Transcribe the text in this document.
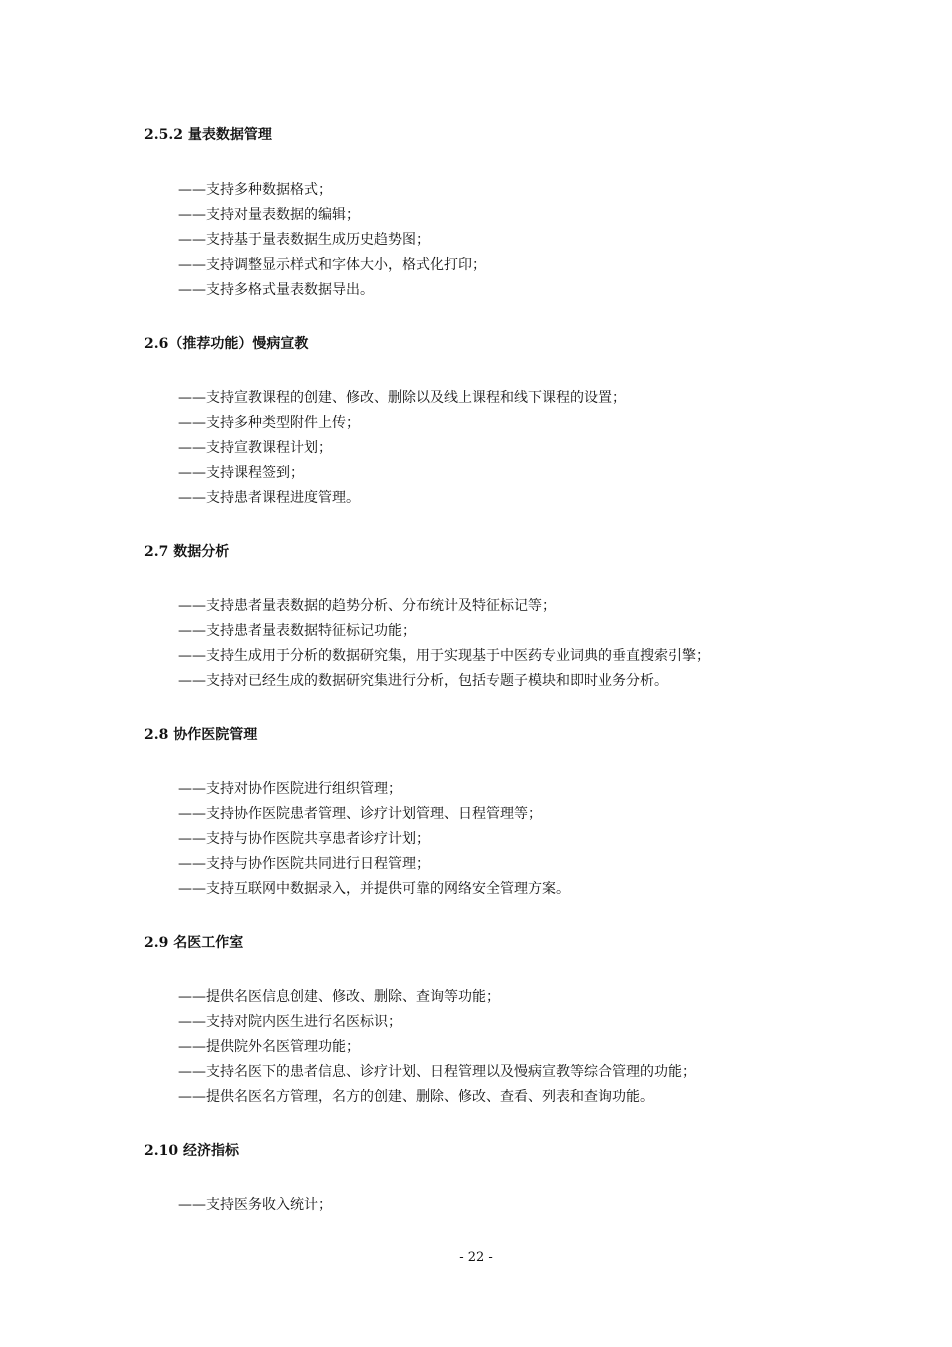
2.5.2 量表数据管理
——支持多种数据格式；
——支持对量表数据的编辑；
——支持基于量表数据生成历史趋势图；
——支持调整显示样式和字体大小，格式化打印；
——支持多格式量表数据导出。
2.6（推荐功能）慢病宣教
——支持宣教课程的创建、修改、删除以及线上课程和线下课程的设置；
——支持多种类型附件上传；
——支持宣教课程计划；
——支持课程签到；
——支持患者课程进度管理。
2.7 数据分析
——支持患者量表数据的趋势分析、分布统计及特征标记等；
——支持患者量表数据特征标记功能；
——支持生成用于分析的数据研究集，用于实现基于中医药专业词典的垂直搜索引擎；
——支持对已经生成的数据研究集进行分析，包括专题子模块和即时业务分析。
2.8 协作医院管理
——支持对协作医院进行组织管理；
——支持协作医院患者管理、诊疗计划管理、日程管理等；
——支持与协作医院共享患者诊疗计划；
——支持与协作医院共同进行日程管理；
——支持互联网中数据录入，并提供可靠的网络安全管理方案。
2.9 名医工作室
——提供名医信息创建、修改、删除、查询等功能；
——支持对院内医生进行名医标识；
——提供院外名医管理功能；
——支持名医下的患者信息、诊疗计划、日程管理以及慢病宣教等综合管理的功能；
——提供名医名方管理，名方的创建、删除、修改、查看、列表和查询功能。
2.10 经济指标
——支持医务收入统计；
- 22 -
